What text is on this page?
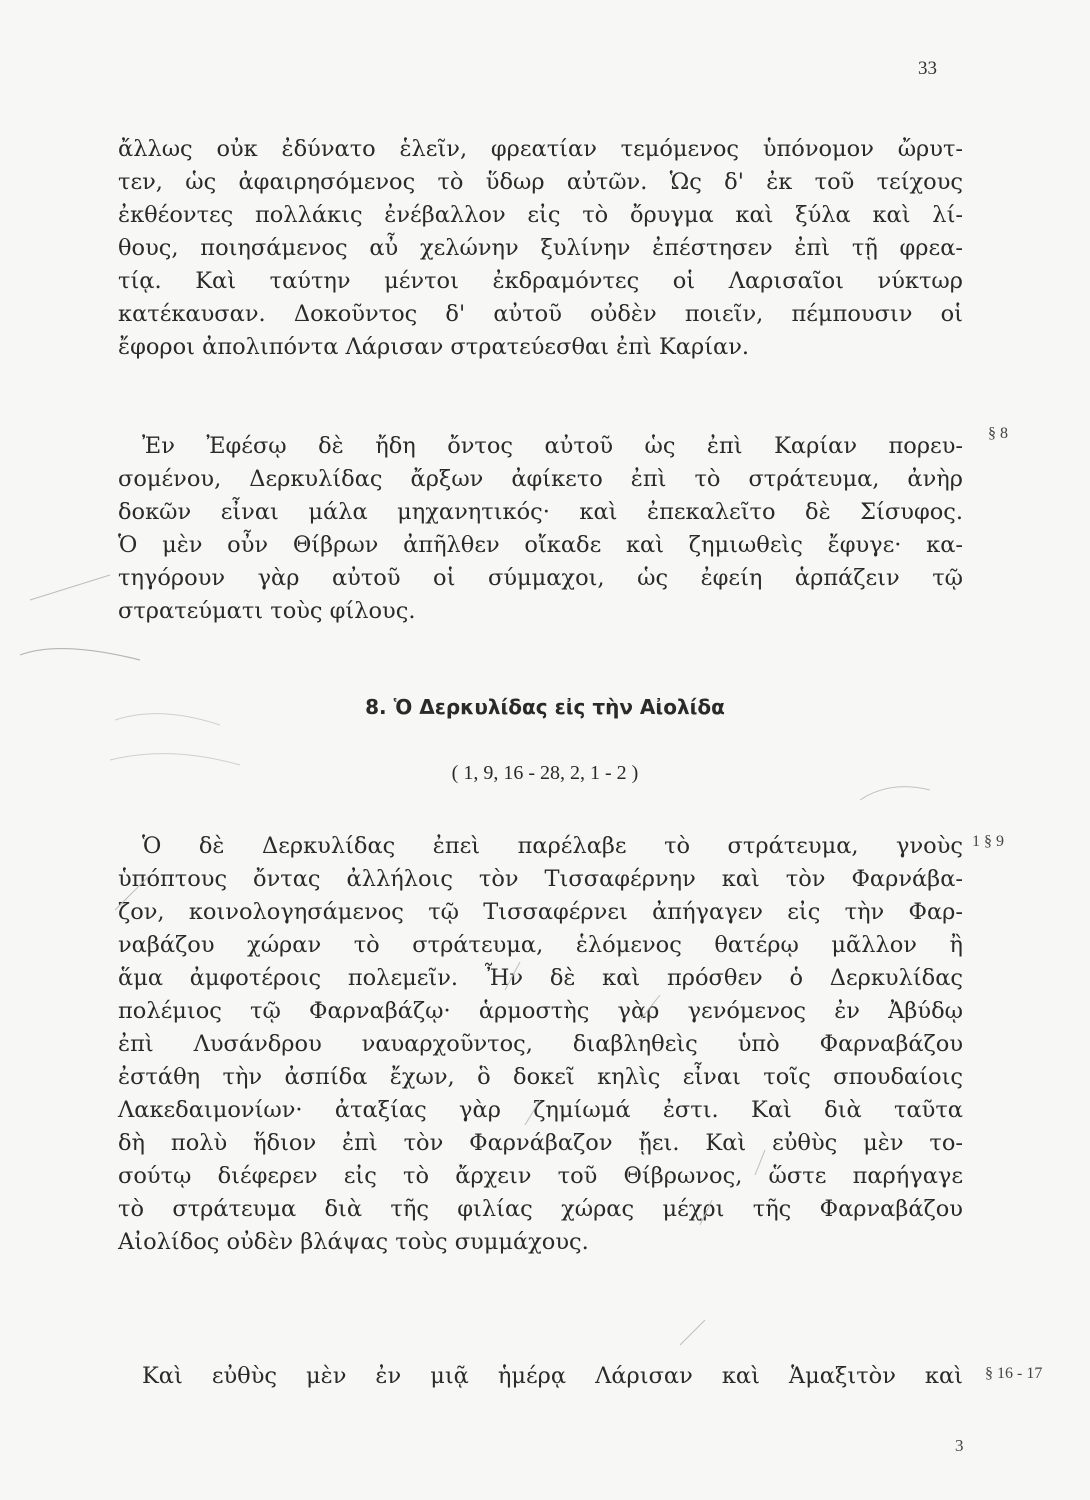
33
ἄλλως οὐκ ἐδύνατο ἑλεῖν, φρεατίαν τεμόμενος ὑπόνομον ὤρυτ-
τεν, ὡς ἀφαιρησόμενος τὸ ὕδωρ αὐτῶν. Ὡς δ' ἐκ τοῦ τείχους
ἐκθέοντες πολλάκις ἐνέβαλλον εἰς τὸ ὄρυγμα καὶ ξύλα καὶ λί-
θους, ποιησάμενος αὖ χελώνην ξυλίνην ἐπέστησεν ἐπὶ τῇ φρεα-
τίᾳ. Καὶ ταύτην μέντοι ἐκδραμόντες οἱ Λαρισαῖοι νύκτωρ
κατέκαυσαν. Δοκοῦντος δ' αὐτοῦ οὐδὲν ποιεῖν, πέμπουσιν οἱ
ἔφοροι ἀπολιπόντα Λάρισαν στρατεύεσθαι ἐπὶ Καρίαν.
Ἐν Ἐφέσῳ δὲ ἤδη ὄντος αὐτοῦ ὡς ἐπὶ Καρίαν πορευ-
σομένου, Δερκυλίδας ἄρξων ἀφίκετο ἐπὶ τὸ στράτευμα, ἀνὴρ
δοκῶν εἶναι μάλα μηχανητικός· καὶ ἐπεκαλεῖτο δὲ Σίσυφος.
Ὁ μὲν οὖν Θίβρων ἀπῆλθεν οἴκαδε καὶ ζημιωθεὶς ἔφυγε· κα-
τηγόρουν γὰρ αὐτοῦ οἱ σύμμαχοι, ὡς ἐφείη ἁρπάζειν τῷ
στρατεύματι τοὺς φίλους.
§ 8
8. Ὁ Δερκυλίδας εἰς τὴν Αἰολίδα
( 1, 9, 16 - 28, 2, 1 - 2 )
Ὁ δὲ Δερκυλίδας ἐπεὶ παρέλαβε τὸ στράτευμα, γνοὺς
ὑπόπτους ὄντας ἀλλήλοις τὸν Τισσαφέρνην καὶ τὸν Φαρνάβα-
ζον, κοινολογησάμενος τῷ Τισσαφέρνει ἀπήγαγεν εἰς τὴν Φαρ-
ναβάζου χώραν τὸ στράτευμα, ἑλόμενος θατέρῳ μᾶλλον ἢ
ἅμα ἀμφοτέροις πολεμεῖν. Ἦν δὲ καὶ πρόσθεν ὁ Δερκυλίδας
πολέμιος τῷ Φαρναβάζῳ· ἁρμοστὴς γὰρ γενόμενος ἐν Ἀβύδῳ
ἐπὶ Λυσάνδρου ναυαρχοῦντος, διαβληθεὶς ὑπὸ Φαρναβάζου
ἐστάθη τὴν ἀσπίδα ἔχων, ὃ δοκεῖ κηλὶς εἶναι τοῖς σπουδαίοις
Λακεδαιμονίων· ἀταξίας γὰρ ζημίωμά ἐστι. Καὶ διὰ ταῦτα
δὴ πολὺ ἥδιον ἐπὶ τὸν Φαρνάβαζον ᾔει. Καὶ εὐθὺς μὲν το-
σούτῳ διέφερεν εἰς τὸ ἄρχειν τοῦ Θίβρωνος, ὥστε παρήγαγε
τὸ στράτευμα διὰ τῆς φιλίας χώρας μέχρι τῆς Φαρναβάζου
Αἰολίδος οὐδὲν βλάψας τοὺς συμμάχους.
1 § 9
Καὶ εὐθὺς μὲν ἐν μιᾷ ἡμέρᾳ Λάρισαν καὶ Ἁμαξιτὸν καὶ § 16 - 17
3
